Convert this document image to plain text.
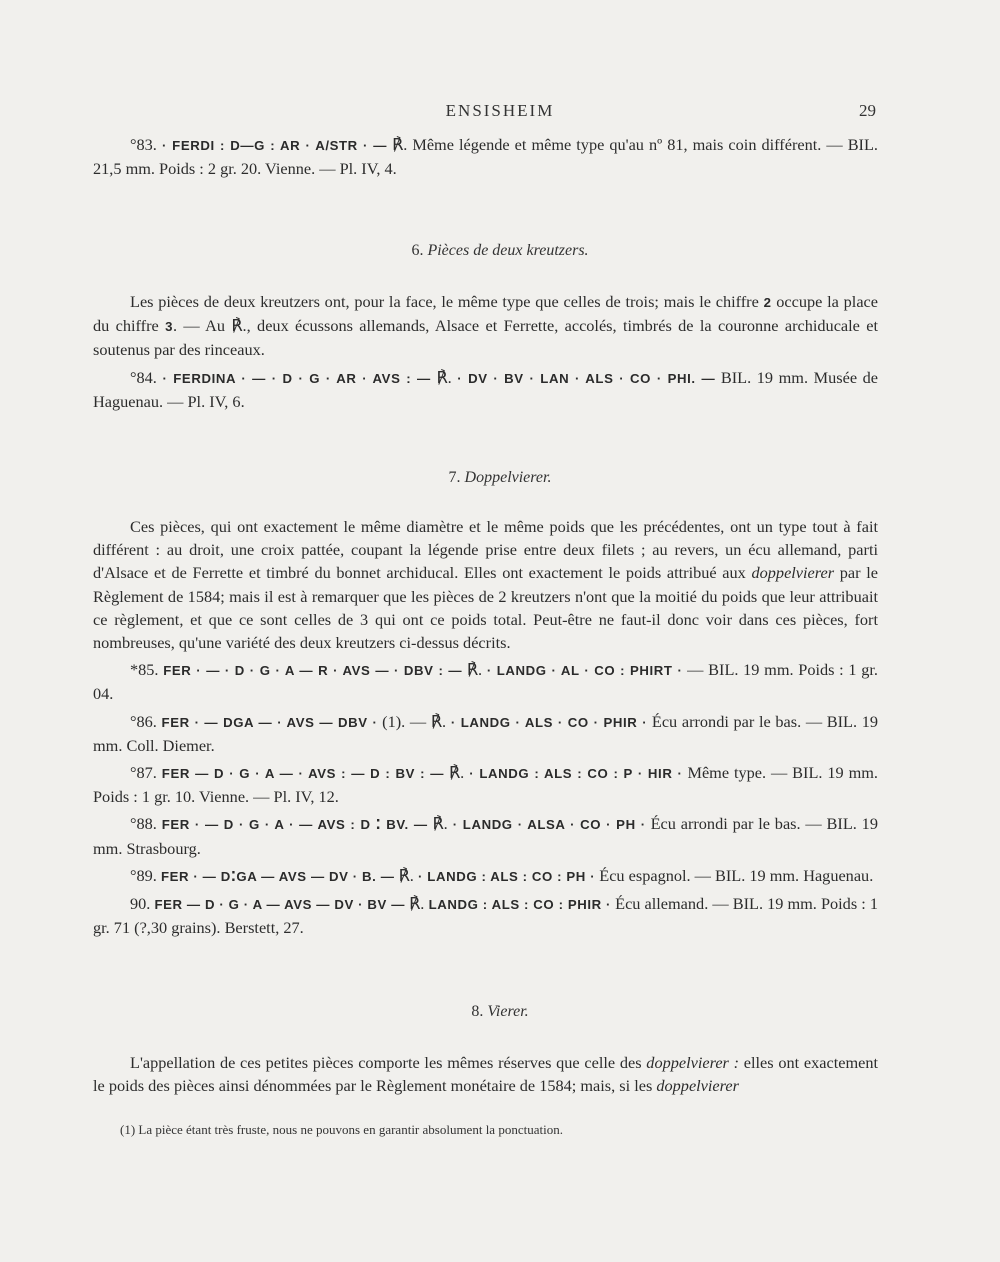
ENSISHEIM	29

°83. · FERDI : D—G : AR · A/STR · — ℟. Même légende et même type qu'au nº 81, mais coin différent. — BIL. 21,5 mm. Poids : 2 gr. 20. Vienne. — Pl. IV, 4.

6. Pièces de deux kreutzers.

Les pièces de deux kreutzers ont, pour la face, le même type que celles de trois; mais le chiffre 2 occupe la place du chiffre 3. — Au ℟., deux écussons allemands, Alsace et Ferrette, accolés, timbrés de la couronne archiducale et soutenus par des rinceaux.

°84. · FERDINA · — · D · G · AR · AVS : — ℟. · DV · BV · LAN · ALS · CO · PHI. — BIL. 19 mm. Musée de Haguenau. — Pl. IV, 6.

7. Doppelvierer.

Ces pièces, qui ont exactement le même diamètre et le même poids que les précédentes, ont un type tout à fait différent : au droit, une croix pattée, coupant la légende prise entre deux filets ; au revers, un écu allemand, parti d'Alsace et de Ferrette et timbré du bonnet archiducal. Elles ont exactement le poids attribué aux doppelvierer par le Règlement de 1584; mais il est à remarquer que les pièces de 2 kreutzers n'ont que la moitié du poids que leur attribuait ce règlement, et que ce sont celles de 3 qui ont ce poids total. Peut-être ne faut-il donc voir dans ces pièces, fort nombreuses, qu'une variété des deux kreutzers ci-dessus décrits.

*85. FER · — · D · G · A — R · AVS — · DBV : — ℟. · LANDG · AL · CO : PHIRT · — BIL. 19 mm. Poids : 1 gr. 04.

°86. FER · — DGA — · AVS — DBV · (1). — ℟. · LANDG · ALS · CO · PHIR · Écu arrondi par le bas. — BIL. 19 mm. Coll. Diemer.

°87. FER — D · G · A — · AVS : — D : BV : — ℟. · LANDG : ALS : CO : P · HIR · Même type. — BIL. 19 mm. Poids : 1 gr. 10. Vienne. — Pl. IV, 12.

°88. FER · — D · G · A · — AVS : D ⁚ BV. — ℟. · LANDG · ALSA · CO · PH · Écu arrondi par le bas. — BIL. 19 mm. Strasbourg.

°89. FER · — D⁚GA — AVS — DV · B. — ℟. · LANDG : ALS : CO : PH · Écu espagnol. — BIL. 19 mm. Haguenau.

90. FER — D · G · A — AVS — DV · BV — ℟. LANDG : ALS : CO : PHIR · Écu allemand. — BIL. 19 mm. Poids : 1 gr. 71 (?,30 grains). Berstett, 27.

8. Vierer.

L'appellation de ces petites pièces comporte les mêmes réserves que celle des doppelvierer : elles ont exactement le poids des pièces ainsi dénommées par le Règlement monétaire de 1584; mais, si les doppelvierer

(1) La pièce étant très fruste, nous ne pouvons en garantir absolument la ponctuation.
